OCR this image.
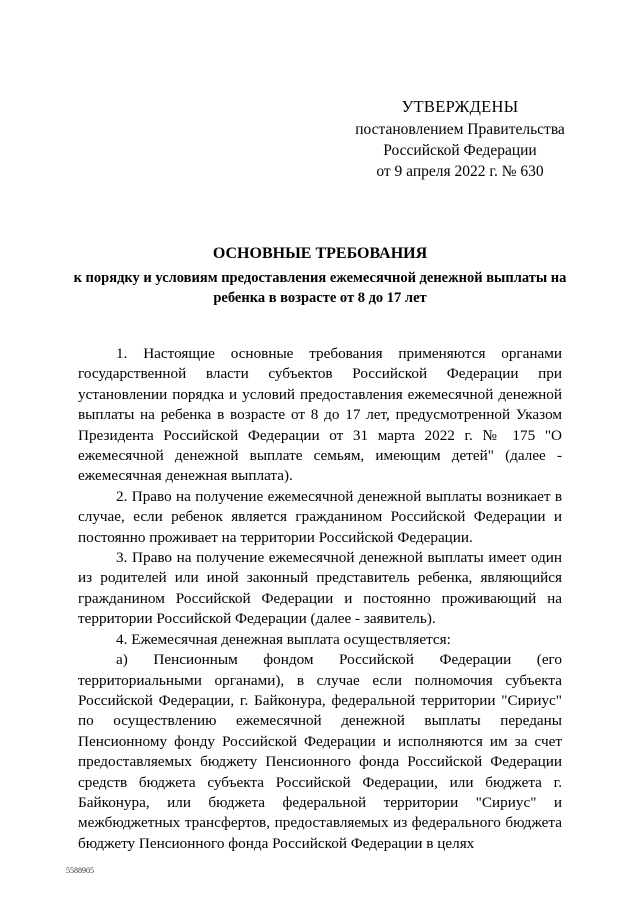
УТВЕРЖДЕНЫ
постановлением Правительства
Российской Федерации
от 9 апреля 2022 г. № 630
ОСНОВНЫЕ ТРЕБОВАНИЯ
к порядку и условиям предоставления ежемесячной денежной выплаты на ребенка в возрасте от 8 до 17 лет

1. Настоящие основные требования применяются органами государственной власти субъектов Российской Федерации при установлении порядка и условий предоставления ежемесячной денежной выплаты на ребенка в возрасте от 8 до 17 лет, предусмотренной Указом Президента Российской Федерации от 31 марта 2022 г. № 175 "О ежемесячной денежной выплате семьям, имеющим детей" (далее - ежемесячная денежная выплата).

2. Право на получение ежемесячной денежной выплаты возникает в случае, если ребенок является гражданином Российской Федерации и постоянно проживает на территории Российской Федерации.

3. Право на получение ежемесячной денежной выплаты имеет один из родителей или иной законный представитель ребенка, являющийся гражданином Российской Федерации и постоянно проживающий на территории Российской Федерации (далее - заявитель).

4. Ежемесячная денежная выплата осуществляется:

а) Пенсионным фондом Российской Федерации (его территориальными органами), в случае если полномочия субъекта Российской Федерации, г. Байконура, федеральной территории "Сириус" по осуществлению ежемесячной денежной выплаты переданы Пенсионному фонду Российской Федерации и исполняются им за счет предоставляемых бюджету Пенсионного фонда Российской Федерации средств бюджета субъекта Российской Федерации, или бюджета г. Байконура, или бюджета федеральной территории "Сириус" и межбюджетных трансфертов, предоставляемых из федерального бюджета бюджету Пенсионного фонда Российской Федерации в целях

5588905
